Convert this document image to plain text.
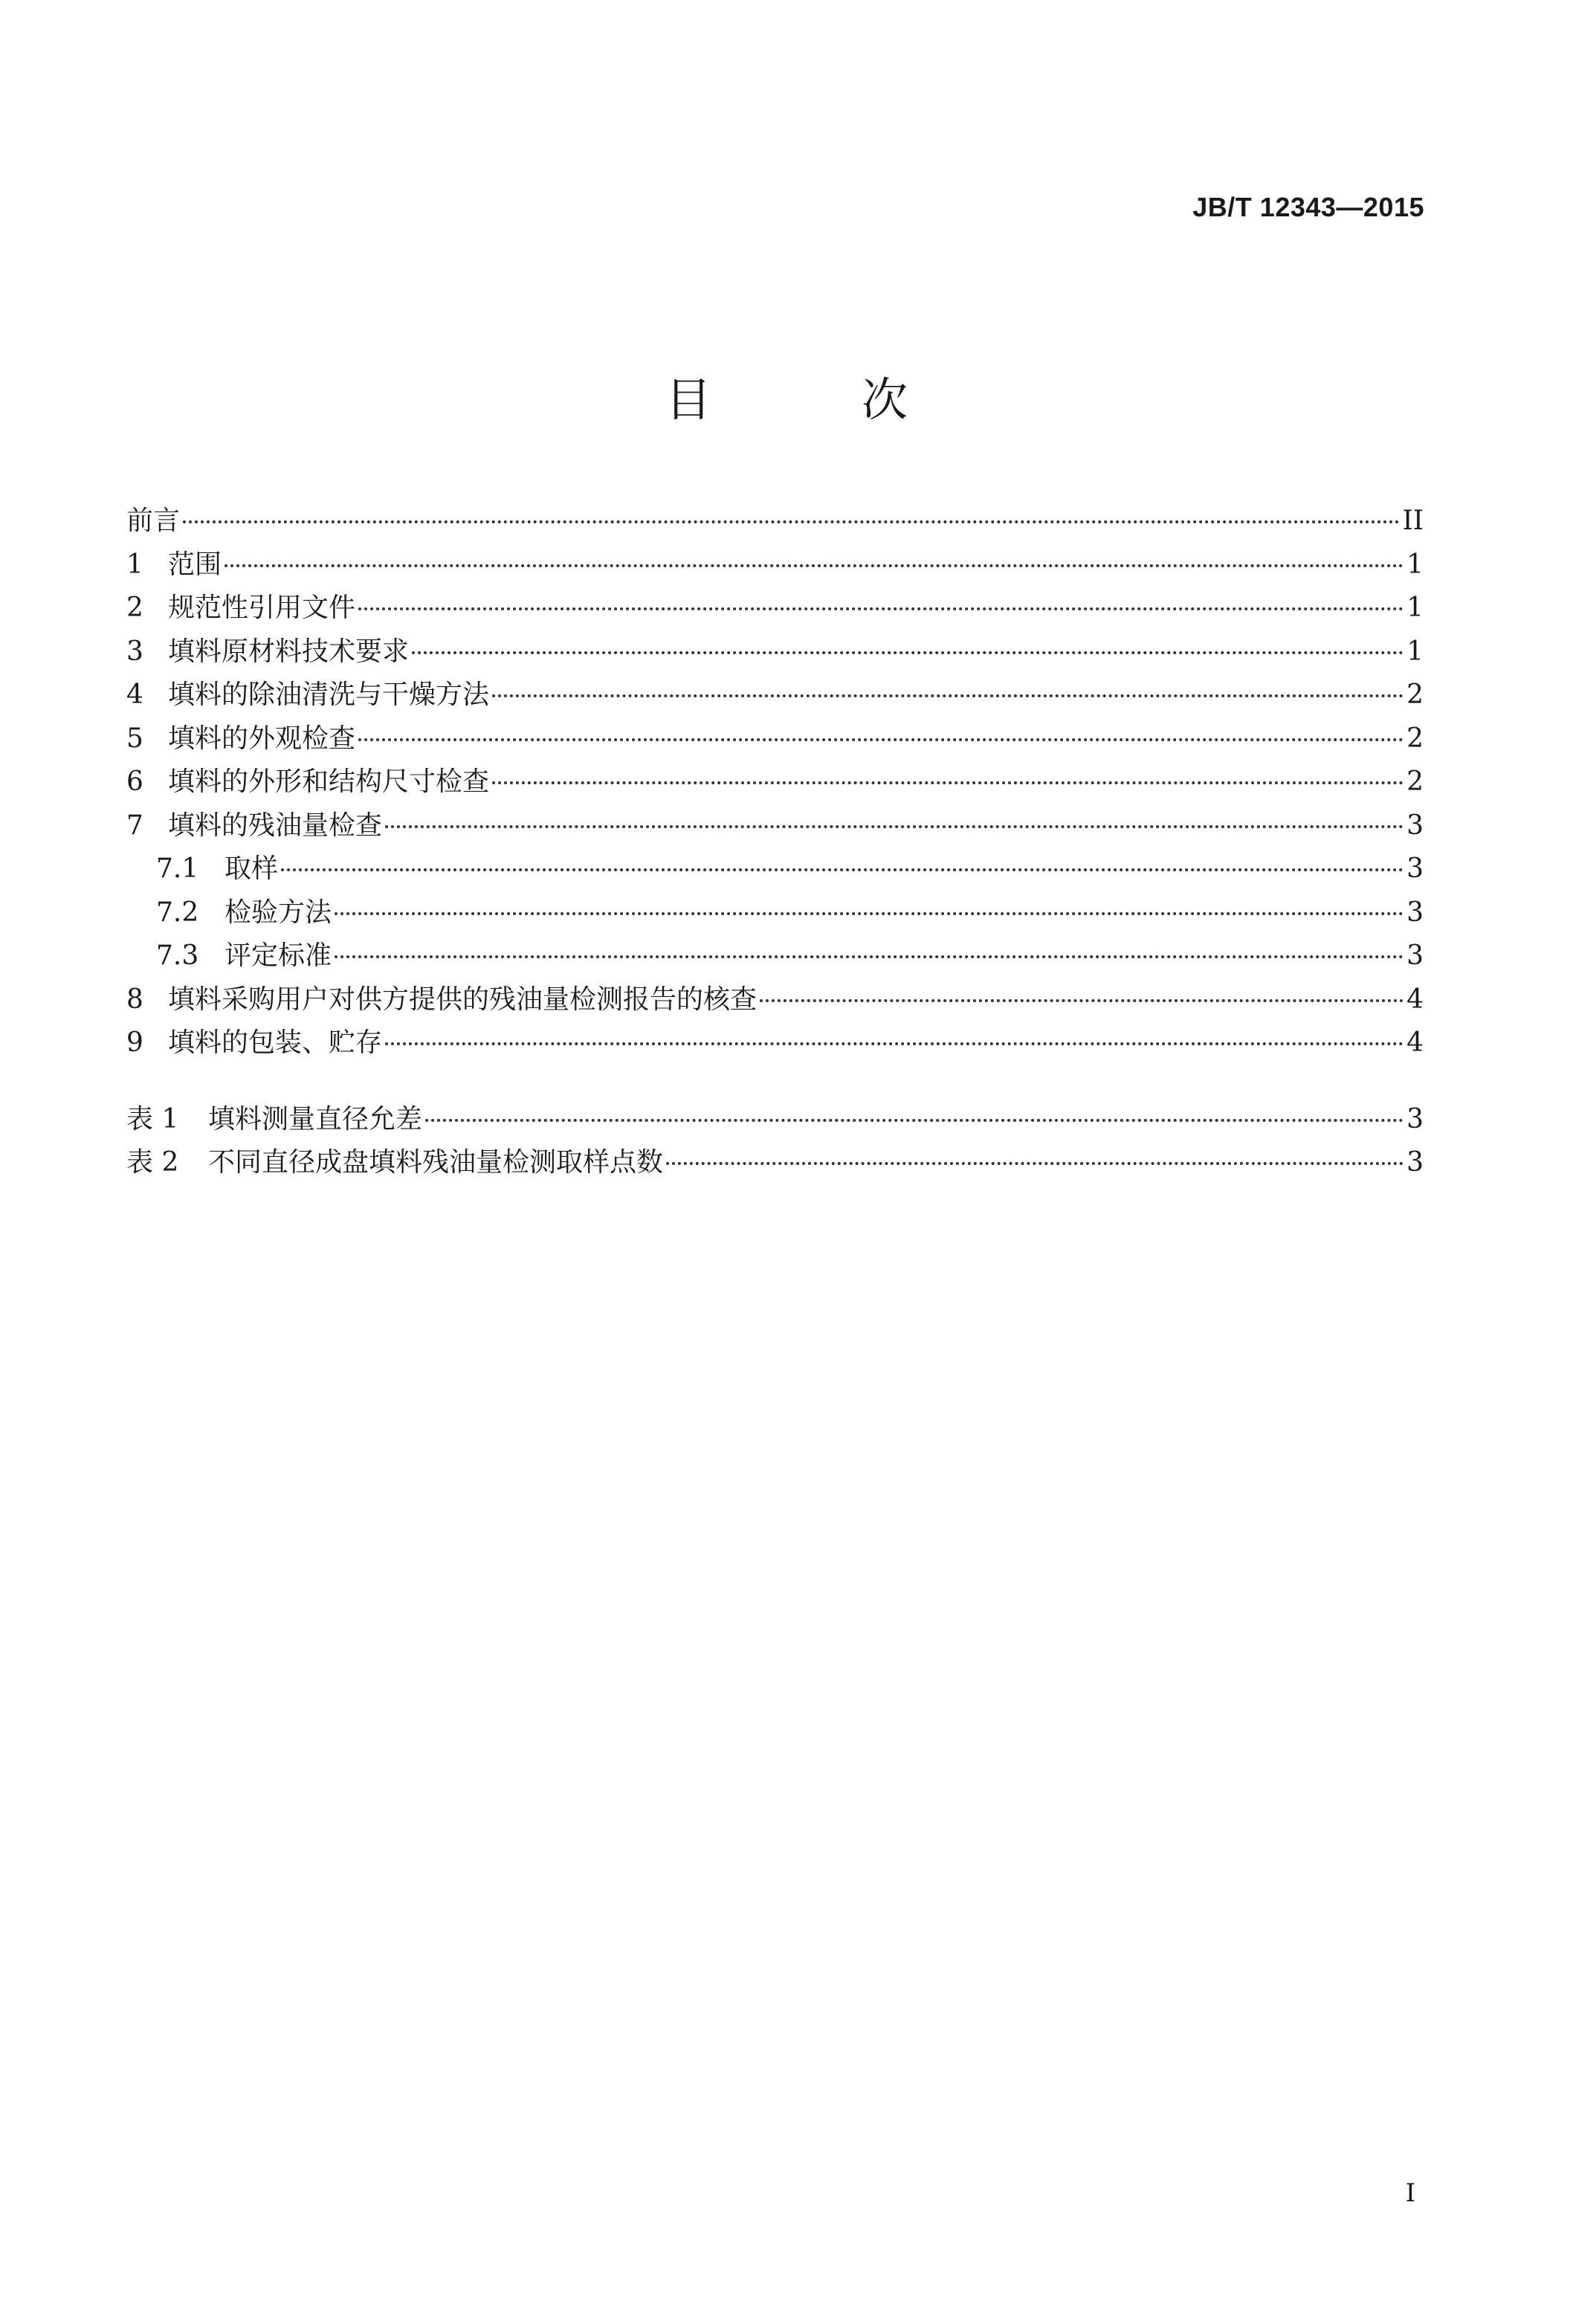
JB/T 12343—2015
目　次
前言	II
1 范围	1
2 规范性引用文件	1
3 填料原材料技术要求	1
4 填料的除油清洗与干燥方法	2
5 填料的外观检查	2
6 填料的外形和结构尺寸检查	2
7 填料的残油量检查	3
7.1 取样	3
7.2 检验方法	3
7.3 评定标准	3
8 填料采购用户对供方提供的残油量检测报告的核查	4
9 填料的包装、贮存	4
表 1	填料测量直径允差	3
表 2	不同直径成盘填料残油量检测取样点数	3
I
